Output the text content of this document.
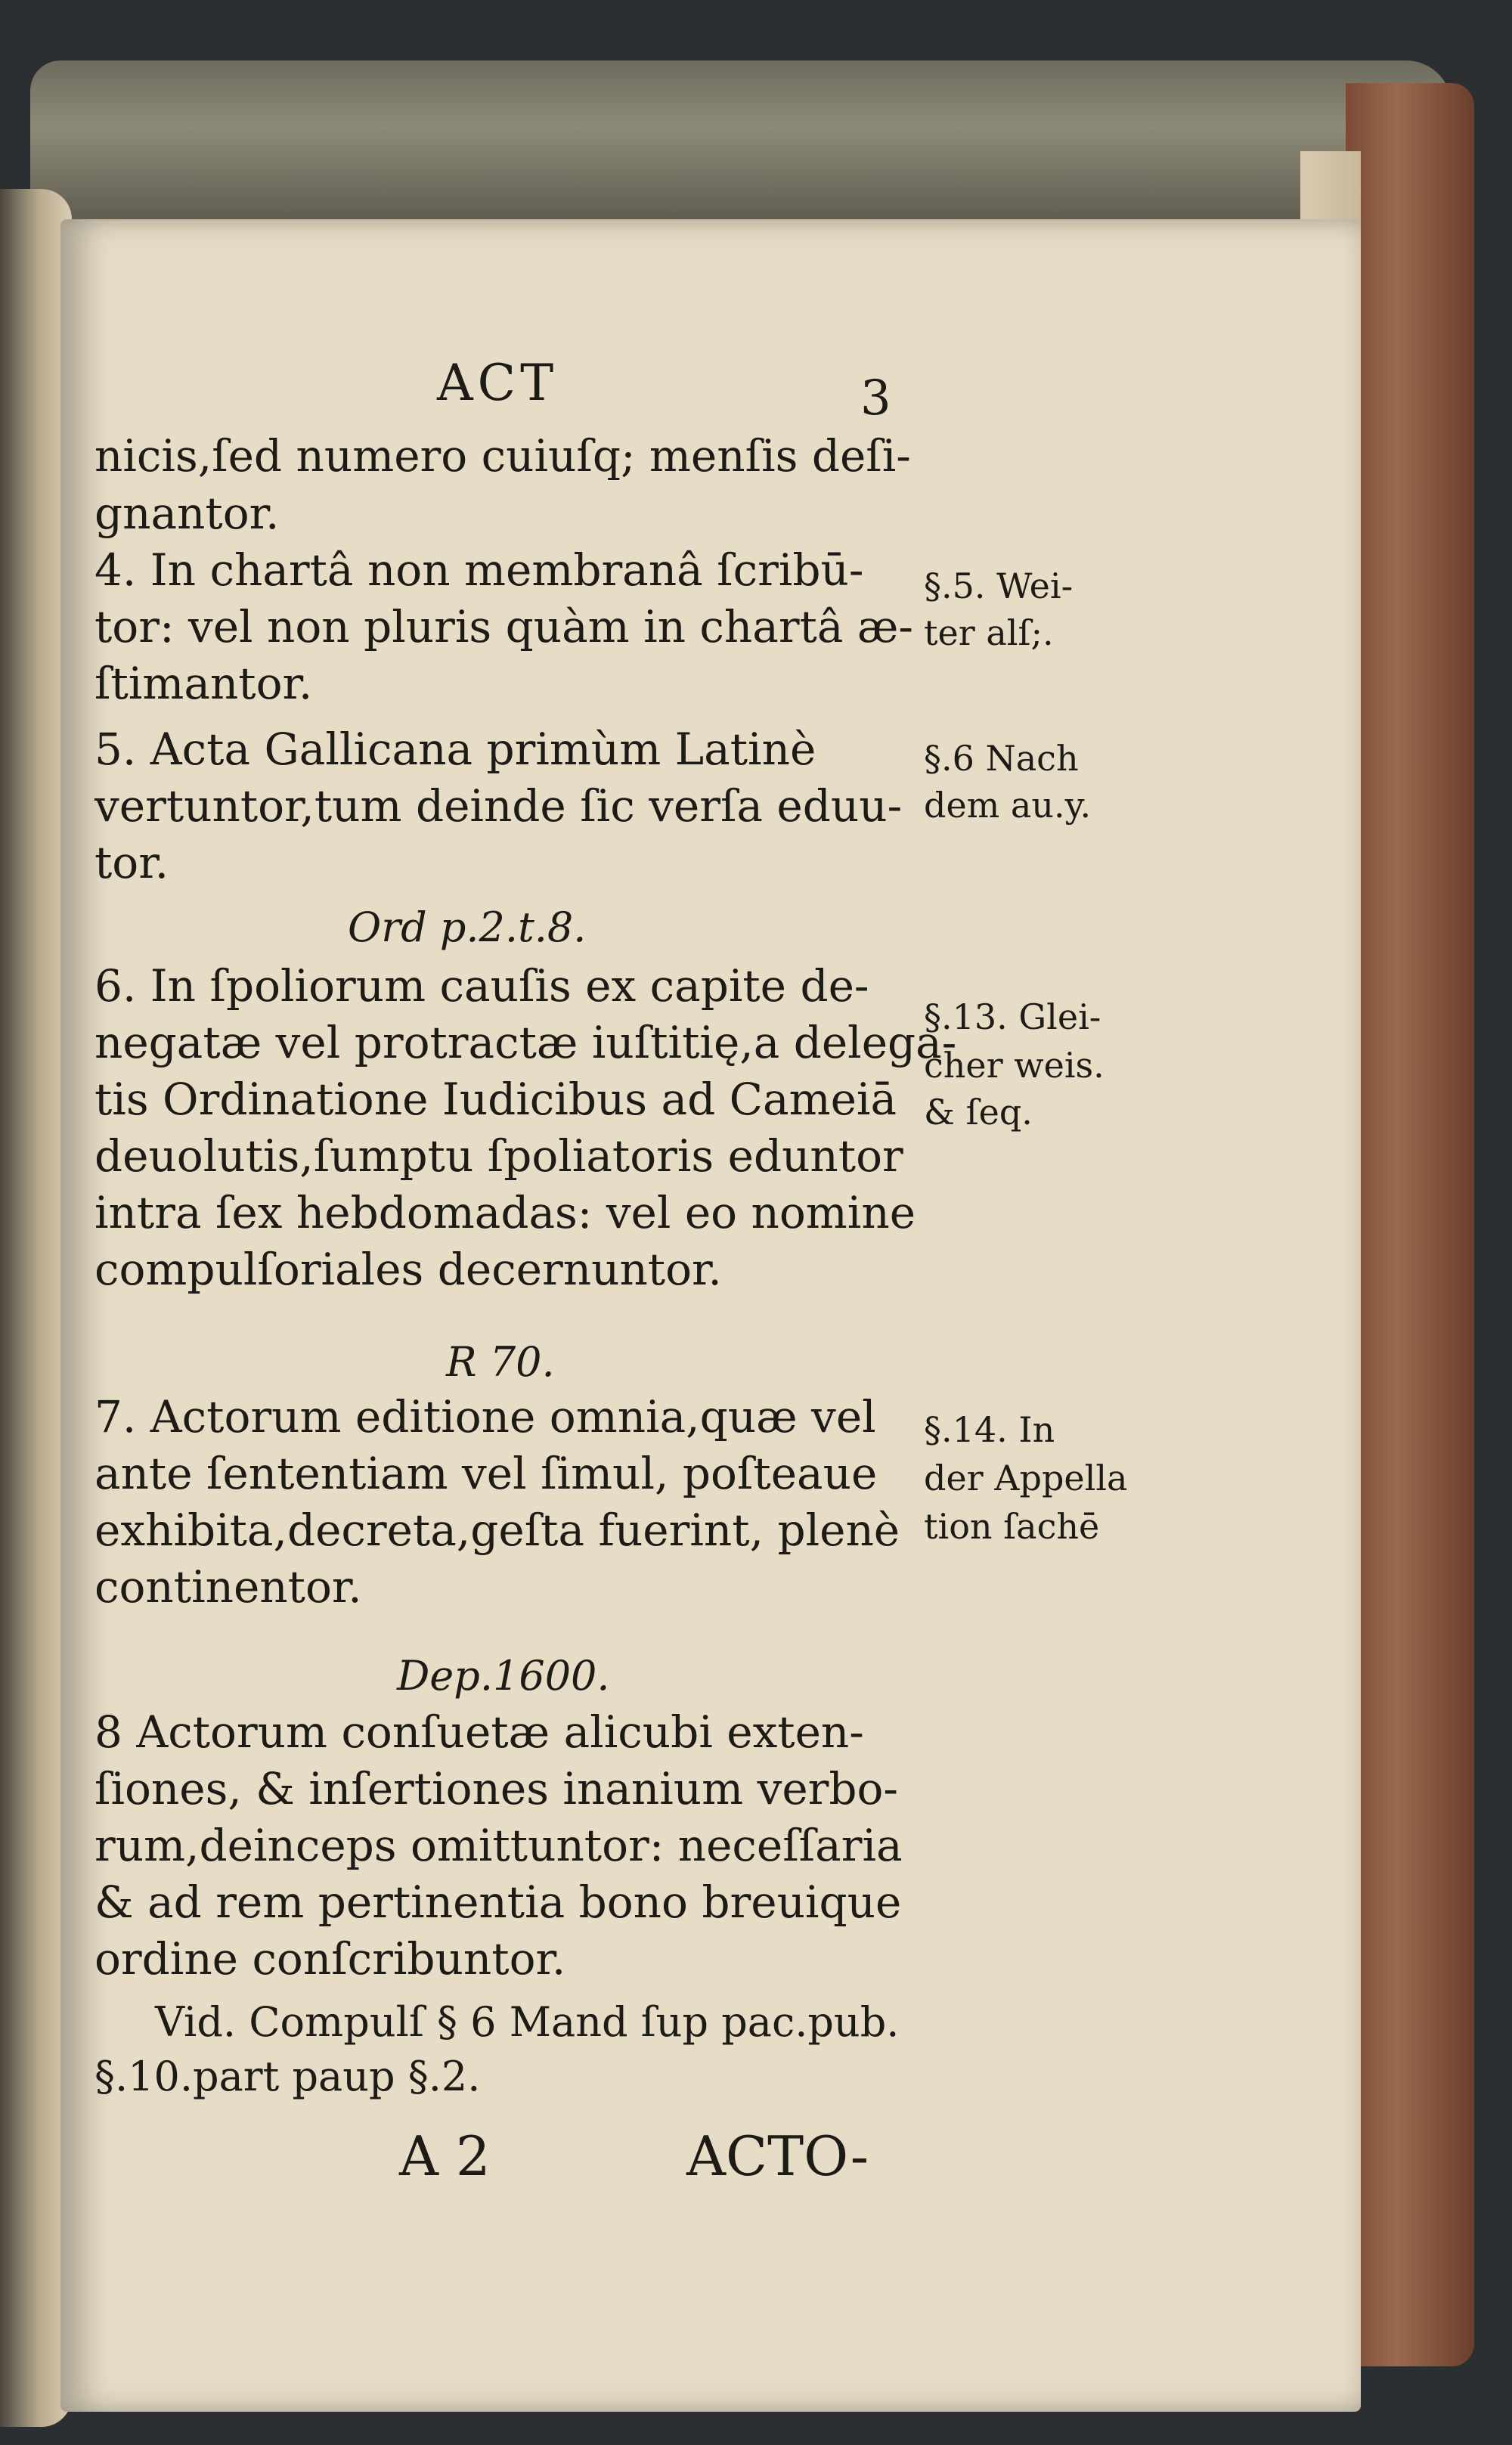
ACT	3
nicis,ſed numero cuiuſq; menſis deſi-
gnantor.
4. In chartâ non membranâ ſcribū-
tor: vel non pluris quàm in chartâ æ-
ſtimantor.
§.5. Wei-
ter alſ;.
5. Acta Gallicana primùm Latinè
vertuntor,tum deinde ſic verſa eduu-
tor.
§.6 Nach
dem au.y.
Ord p.2.t.8.
6. In ſpoliorum cauſis ex capite de-
negatæ vel protractæ iuſtitię,a delega-
tis Ordinatione Iudicibus ad Cameiā
deuolutis,ſumptu ſpoliatoris eduntor
intra ſex hebdomadas: vel eo nomine
compulſoriales decernuntor.
§.13. Glei-
cher weis.
& ſeq.
R 70.
7. Actorum editione omnia,quæ vel
ante ſententiam vel ſimul, poſteaue
exhibita,decreta,geſta fuerint, plenè
continentor.
§.14. In
der Appella
tion ſachē
Dep.1600.
8 Actorum conſuetæ alicubi exten-
ſiones, & inſertiones inanium verbo-
rum,deinceps omittuntor: neceſſaria
& ad rem pertinentia bono breuique
ordine conſcribuntor.
Vid. Compulſ § 6 Mand ſup pac.pub.
§.10.part paup §.2.
A 2	ACTO-
